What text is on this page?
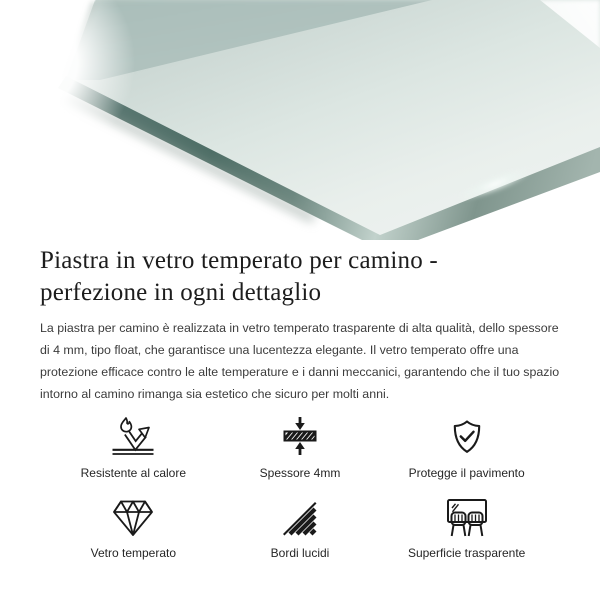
Piastra in vetro temperato per camino - perfezione in ogni dettaglio

La piastra per camino è realizzata in vetro temperato trasparente di alta qualità, dello spessore di 4 mm, tipo float, che garantisce una lucentezza elegante. Il vetro temperato offre una protezione efficace contro le alte temperature e i danni meccanici, garantendo che il tuo spazio intorno al camino rimanga sia estetico che sicuro per molti anni.

Resistente al calore	Spessore 4mm	Protegge il pavimento
Vetro temperato	Bordi lucidi	Superficie trasparente
